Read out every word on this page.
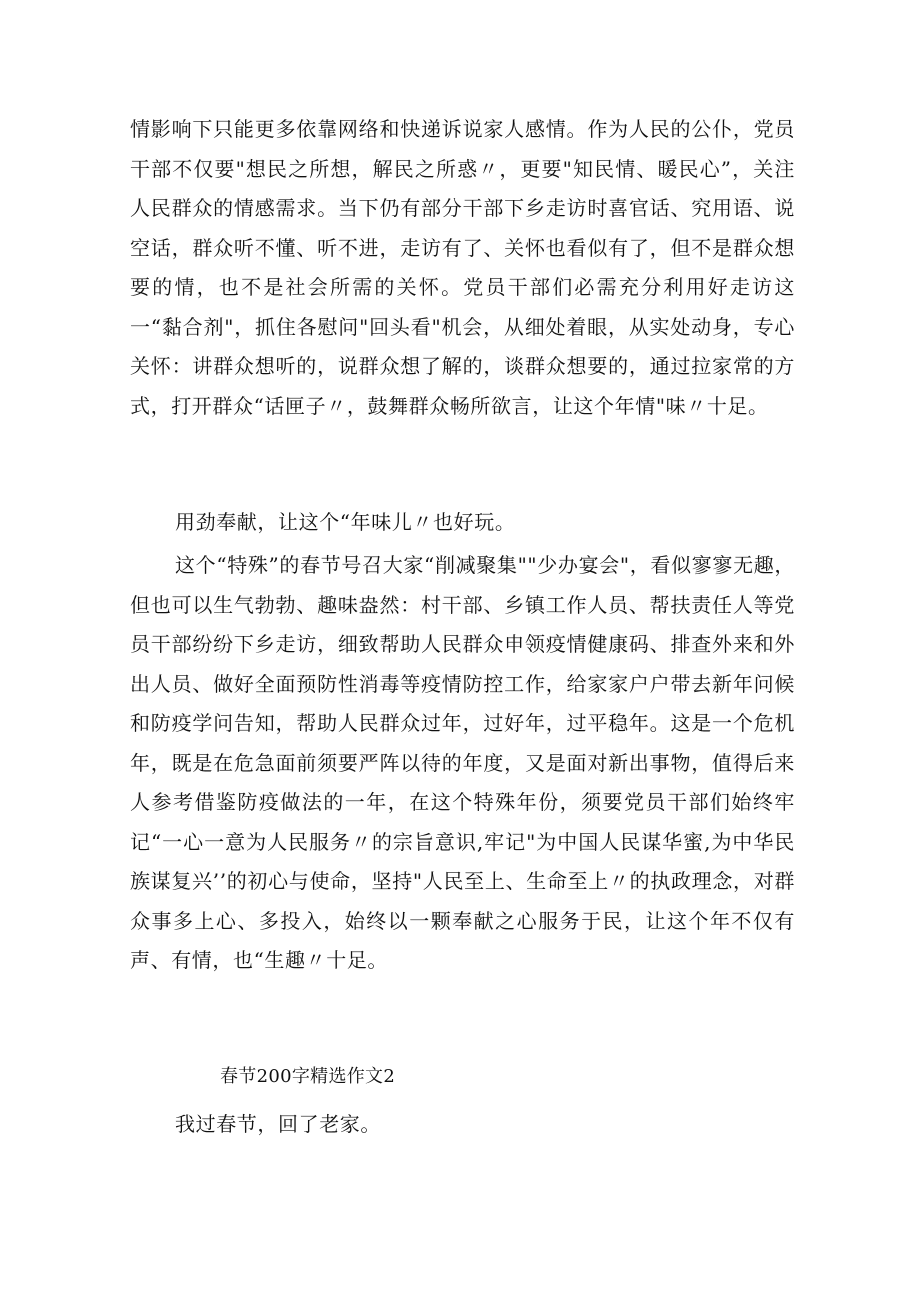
情影响下只能更多依靠网络和快递诉说家人感情。作为人民的公仆，党员干部不仅要"想民之所想，解民之所惑〃，更要"知民情、暖民心”，关注人民群众的情感需求。当下仍有部分干部下乡走访时喜官话、究用语、说空话，群众听不懂、听不进，走访有了、关怀也看似有了，但不是群众想要的情，也不是社会所需的关怀。党员干部们必需充分利用好走访这一“黏合剂"，抓住各慰问"回头看"机会，从细处着眼，从实处动身，专心关怀：讲群众想听的，说群众想了解的，谈群众想要的，通过拉家常的方式，打开群众“话匣子〃，鼓舞群众畅所欲言，让这个年情"味〃十足。

用劲奉献，让这个“年味儿〃也好玩。

这个“特殊”的春节号召大家“削减聚集""少办宴会"，看似寥寥无趣，但也可以生气勃勃、趣味盎然：村干部、乡镇工作人员、帮扶责任人等党员干部纷纷下乡走访，细致帮助人民群众申领疫情健康码、排查外来和外出人员、做好全面预防性消毒等疫情防控工作，给家家户户带去新年问候和防疫学问告知，帮助人民群众过年，过好年，过平稳年。这是一个危机年，既是在危急面前须要严阵以待的年度，又是面对新出事物，值得后来人参考借鉴防疫做法的一年，在这个特殊年份，须要党员干部们始终牢记“一心一意为人民服务〃的宗旨意识,牢记"为中国人民谋华蜜,为中华民族谋复兴’’的初心与使命，坚持"人民至上、生命至上〃的执政理念，对群众事多上心、多投入，始终以一颗奉献之心服务于民，让这个年不仅有声、有情，也“生趣〃十足。

春节200字精选作文2

我过春节，回了老家。
